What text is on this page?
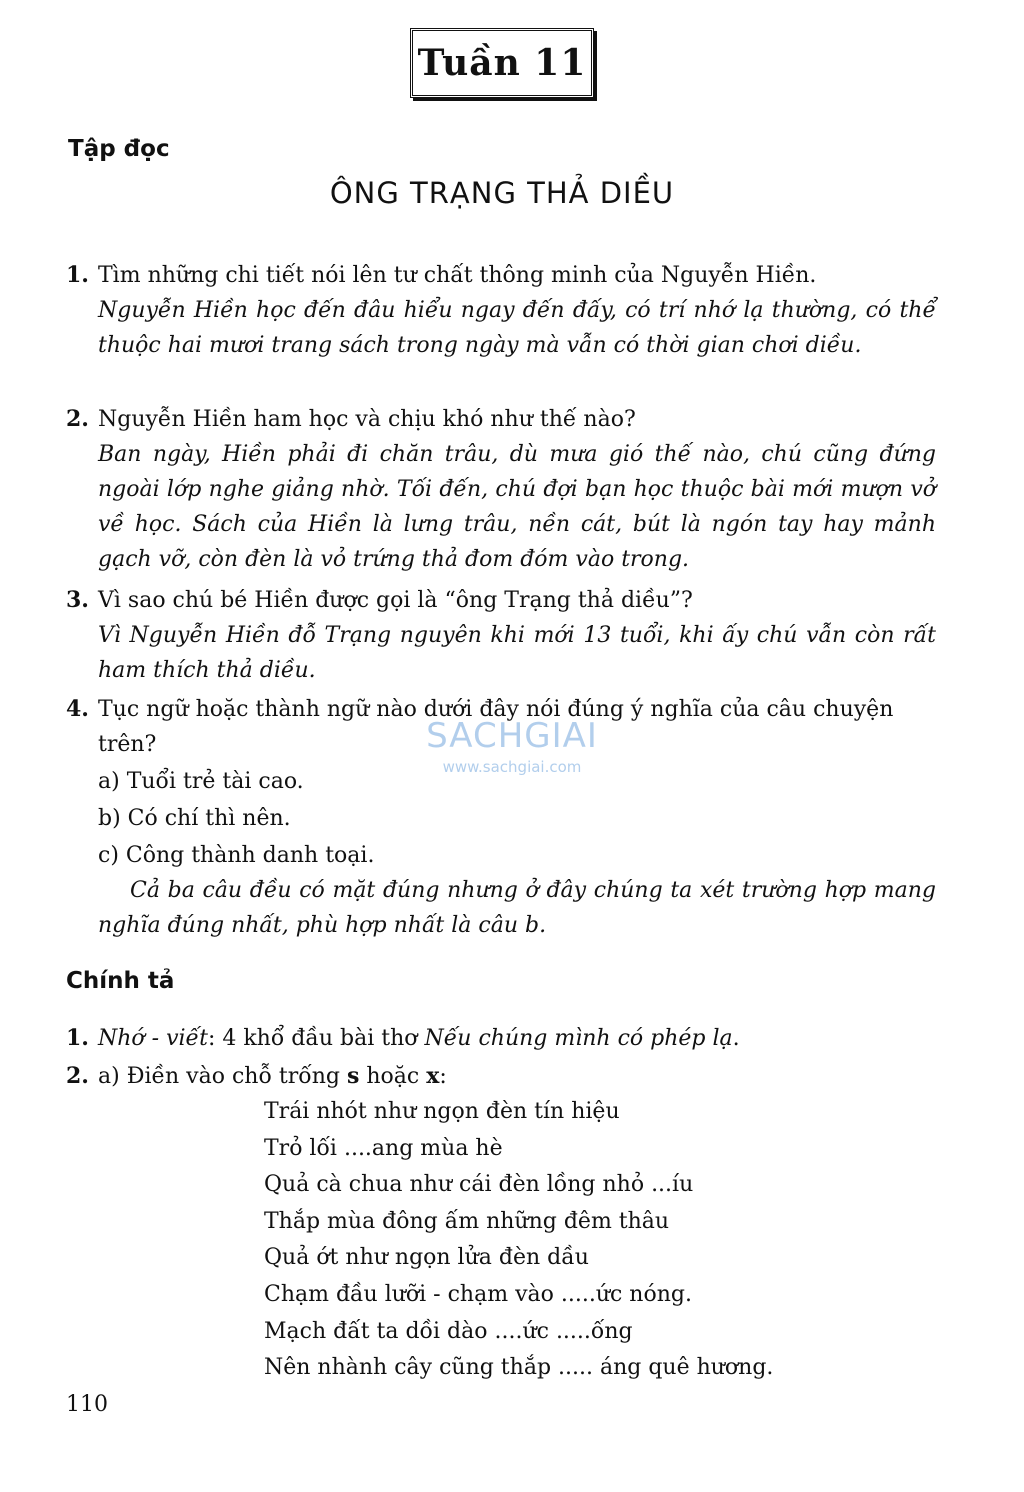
Tuần 11
Tập đọc
ÔNG TRẠNG THẢ DIỀU
1. Tìm những chi tiết nói lên tư chất thông minh của Nguyễn Hiền.
Nguyễn Hiền học đến đâu hiểu ngay đến đấy, có trí nhớ lạ thường, có thể thuộc hai mươi trang sách trong ngày mà vẫn có thời gian chơi diều.
2. Nguyễn Hiền ham học và chịu khó như thế nào?
Ban ngày, Hiền phải đi chăn trâu, dù mưa gió thế nào, chú cũng đứng ngoài lớp nghe giảng nhờ. Tối đến, chú đợi bạn học thuộc bài mới mượn vở về học. Sách của Hiền là lưng trâu, nền cát, bút là ngón tay hay mảnh gạch vỡ, còn đèn là vỏ trứng thả đom đóm vào trong.
3. Vì sao chú bé Hiền được gọi là “ông Trạng thả diều”?
Vì Nguyễn Hiền đỗ Trạng nguyên khi mới 13 tuổi, khi ấy chú vẫn còn rất ham thích thả diều.
4. Tục ngữ hoặc thành ngữ nào dưới đây nói đúng ý nghĩa của câu chuyện trên?
a) Tuổi trẻ tài cao.
b) Có chí thì nên.
c) Công thành danh toại.
Cả ba câu đều có mặt đúng nhưng ở đây chúng ta xét trường hợp mang nghĩa đúng nhất, phù hợp nhất là câu b.
Chính tả
1. Nhớ - viết: 4 khổ đầu bài thơ Nếu chúng mình có phép lạ.
2. a) Điền vào chỗ trống s hoặc x:
Trái nhót như ngọn đèn tín hiệu
Trỏ lối ....ang mùa hè
Quả cà chua như cái đèn lồng nhỏ ...íu
Thắp mùa đông ấm những đêm thâu
Quả ớt như ngọn lửa đèn dầu
Chạm đầu lưỡi - chạm vào .....ức nóng.
Mạch đất ta dồi dào ....ức .....ống
Nên nhành cây cũng thắp ..... áng quê hương.
SACHGIAI
www.sachgiai.com
110
